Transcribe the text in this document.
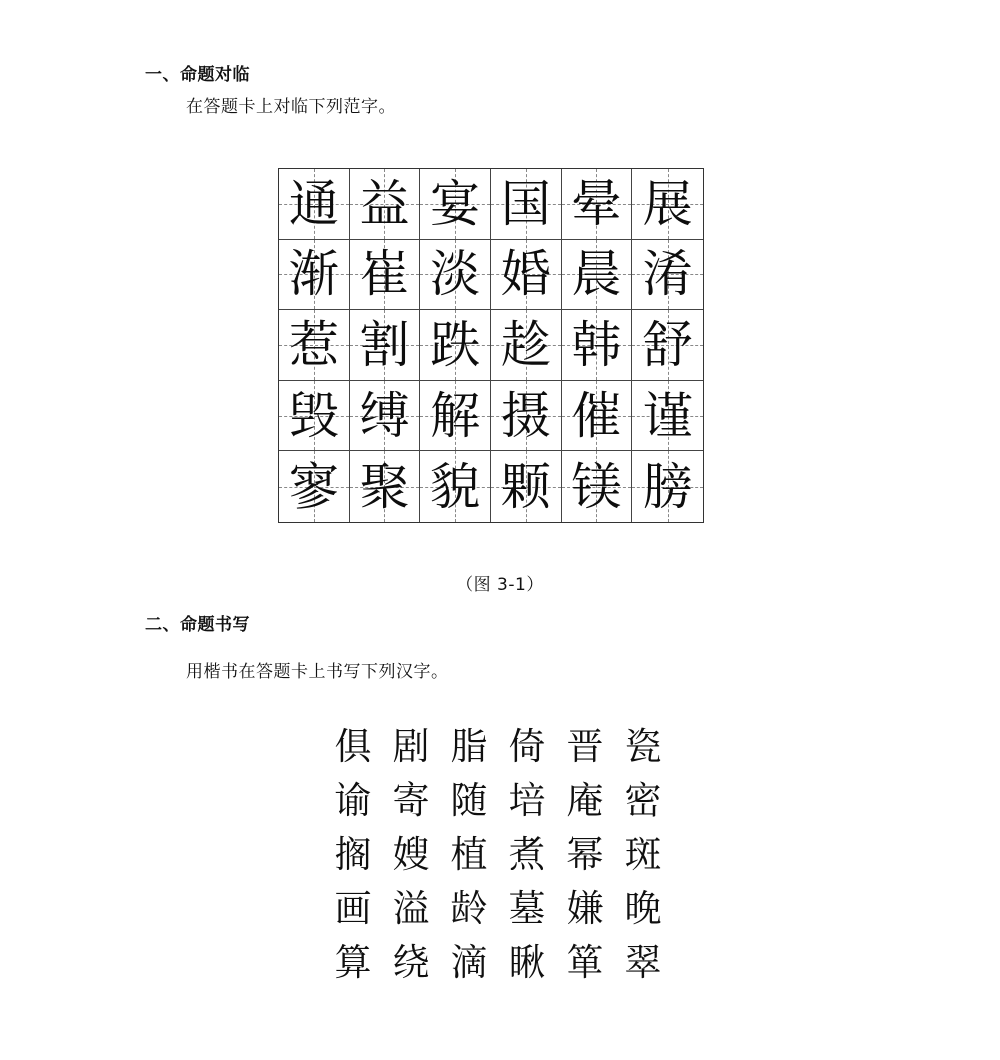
一、命题对临
在答题卡上对临下列范字。
通 益 宴 国 晕 展
渐 崔 淡 婚 晨 淆
惹 割 跌 趁 韩 舒
毁 缚 解 摄 催 谨
寥 聚 貌 颗 镁 膀
（图 3-1）
二、命题书写
用楷书在答题卡上书写下列汉字。
俱 剧 脂 倚 晋 瓷
谕 寄 随 培 庵 密
搁 嫂 植 煮 幂 斑
画 溢 龄 墓 嫌 晚
算 绕 滴 瞅 箪 翠
